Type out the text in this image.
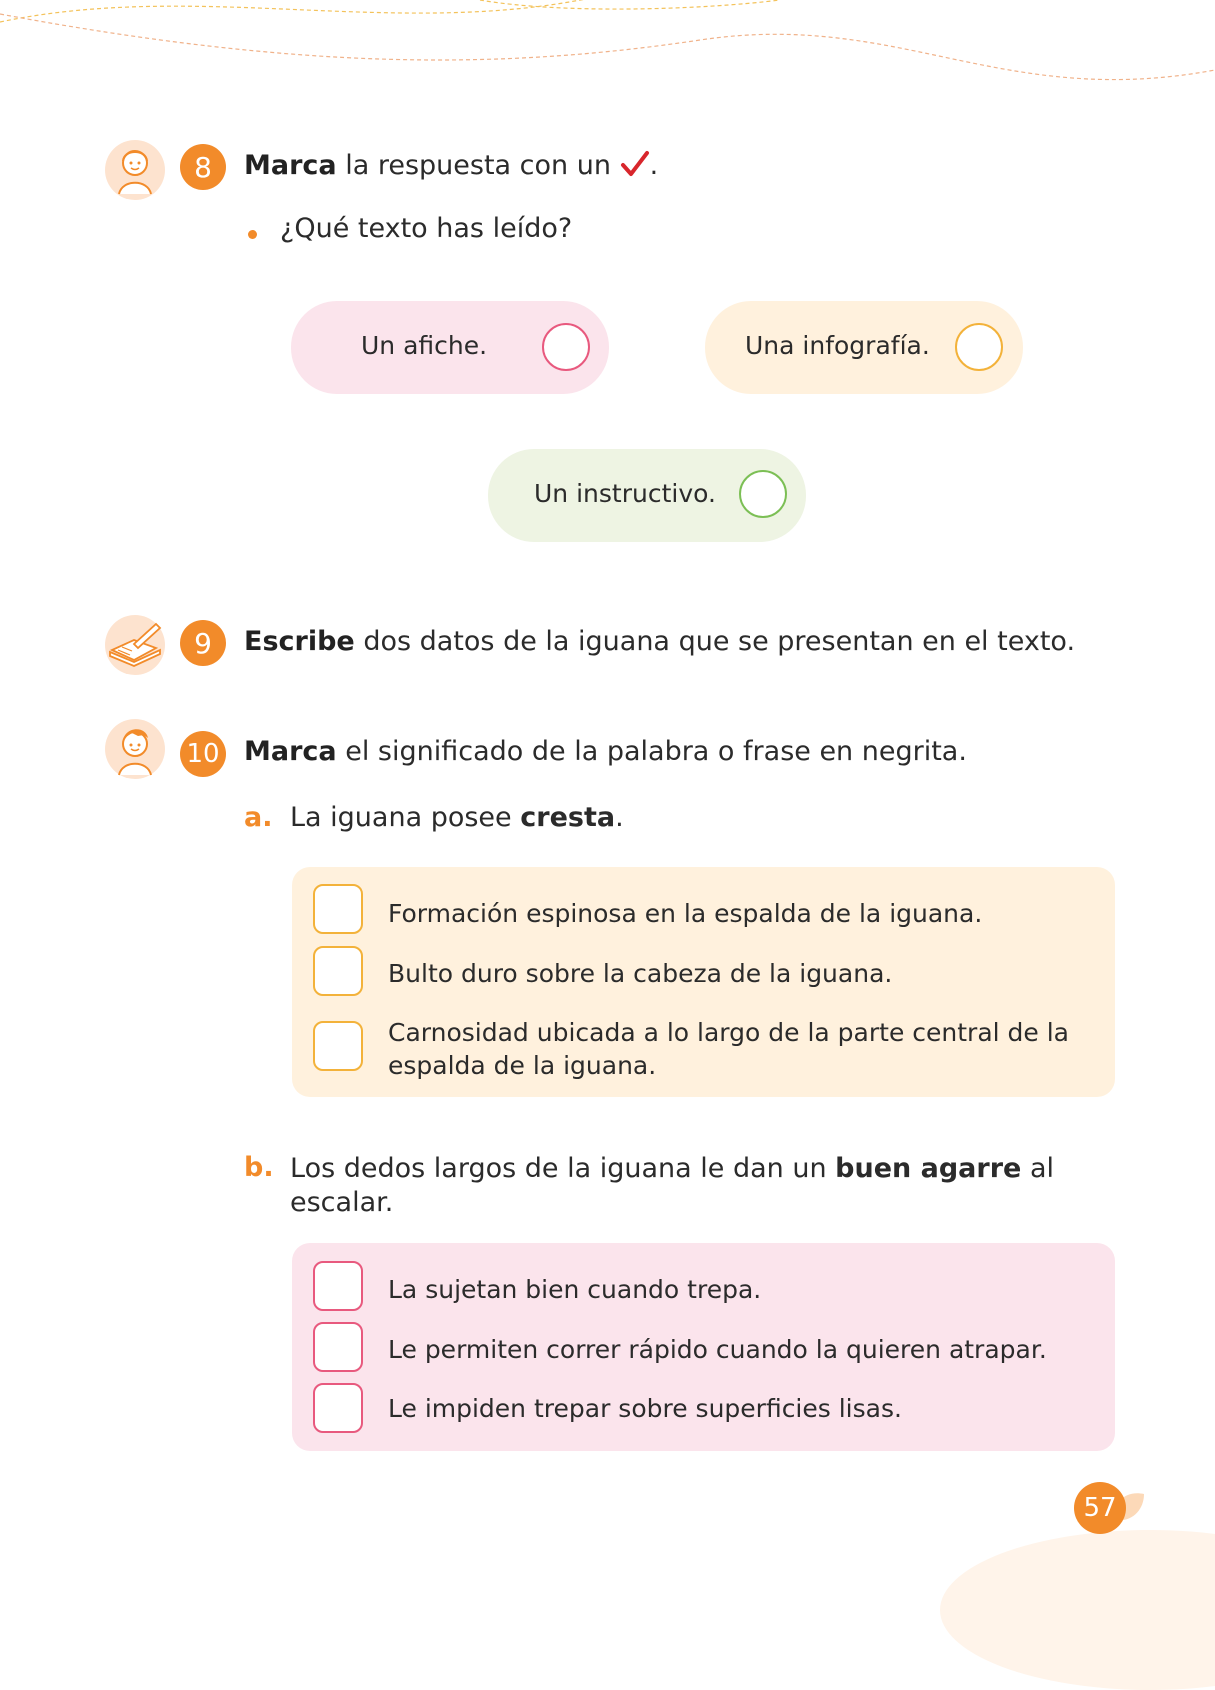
8	Marca la respuesta con un .
¿Qué texto has leído?
Un afiche.	Una infografía.
Un instructivo.
9	Escribe dos datos de la iguana que se presentan en el texto.
10 Marca el significado de la palabra o frase en negrita.
a. La iguana posee cresta.
Formación espinosa en la espalda de la iguana.
Bulto duro sobre la cabeza de la iguana.
Carnosidad ubicada a lo largo de la parte central de la espalda de la iguana.
b. Los dedos largos de la iguana le dan un buen agarre al escalar.
La sujetan bien cuando trepa.
Le permiten correr rápido cuando la quieren atrapar.
Le impiden trepar sobre superficies lisas.
57
